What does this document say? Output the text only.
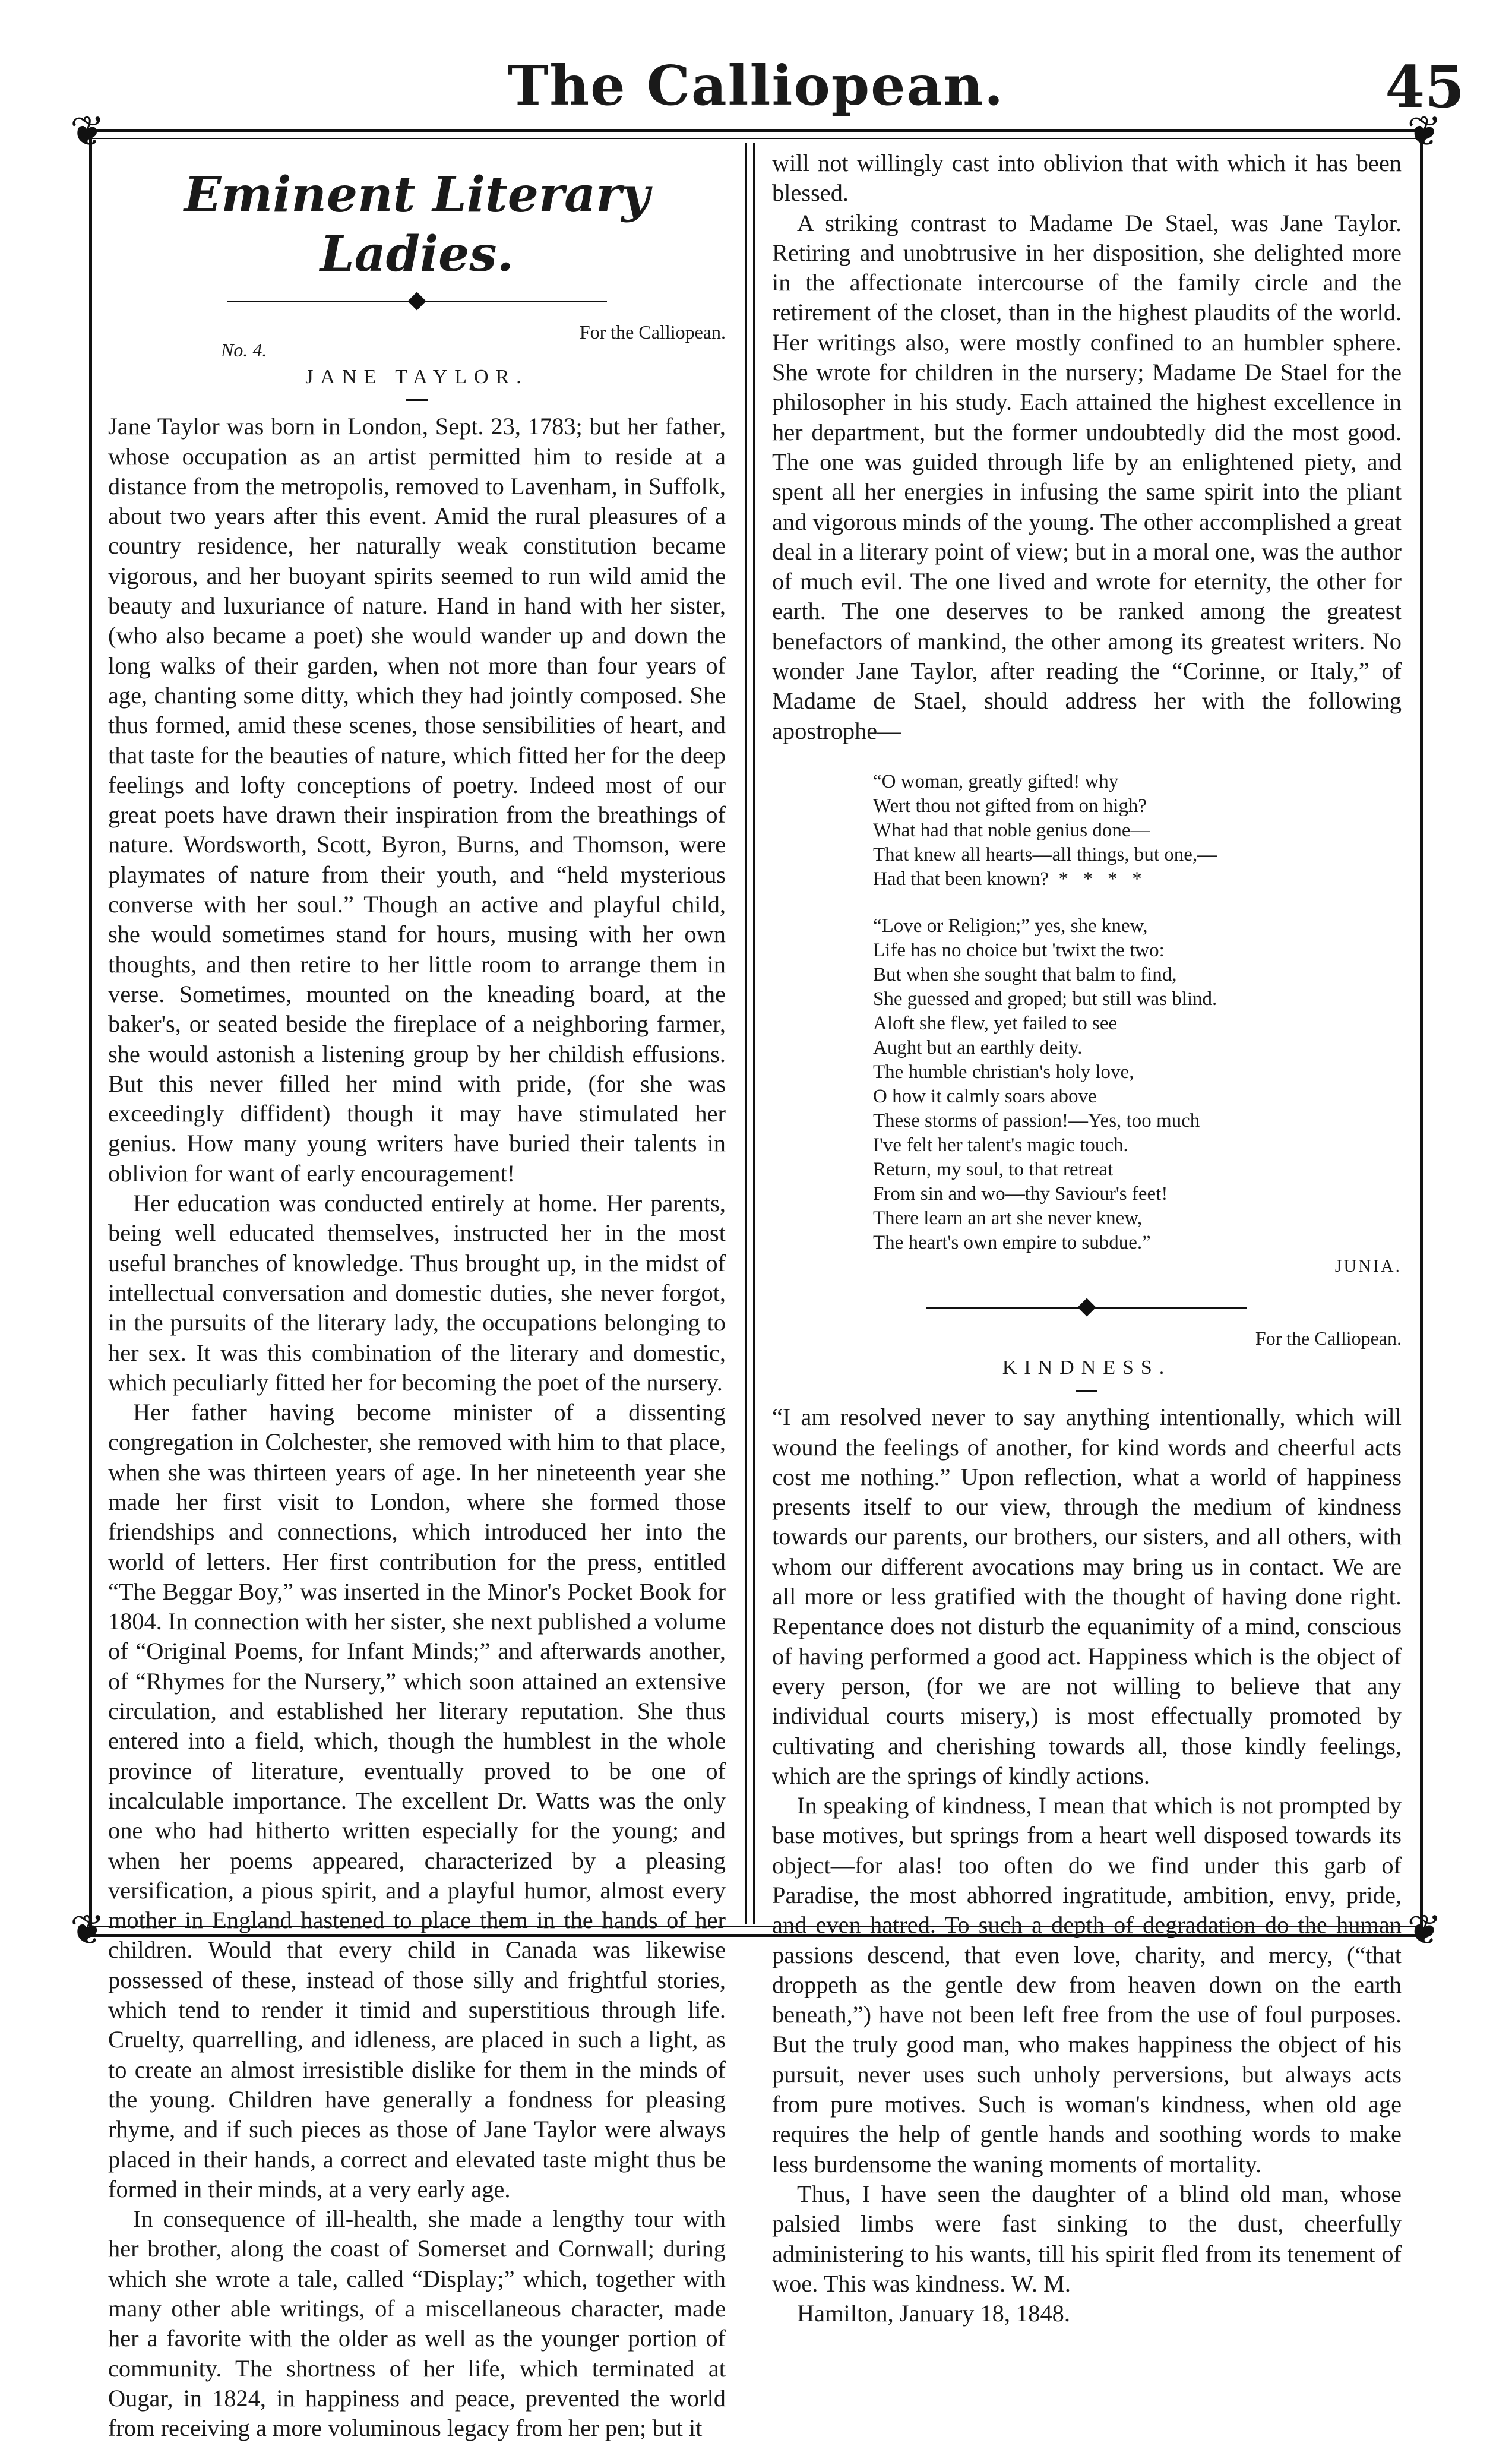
The Calliopean.	45
❦	❦
❦	❦
Eminent Literary Ladies.
No. 4.
For the Calliopean.
JANE TAYLOR.

Jane Taylor was born in London, Sept. 23, 1783; but her father, whose occupation as an artist permitted him to reside at a distance from the metropolis, removed to Lavenham, in Suffolk, about two years after this event. Amid the rural pleasures of a country residence, her naturally weak constitution became vigorous, and her buoyant spirits seemed to run wild amid the beauty and luxuriance of nature. Hand in hand with her sister, (who also became a poet) she would wander up and down the long walks of their garden, when not more than four years of age, chanting some ditty, which they had jointly composed. She thus formed, amid these scenes, those sensibilities of heart, and that taste for the beauties of nature, which fitted her for the deep feelings and lofty conceptions of poetry. Indeed most of our great poets have drawn their inspiration from the breathings of nature. Wordsworth, Scott, Byron, Burns, and Thomson, were playmates of nature from their youth, and “held mysterious converse with her soul.” Though an active and playful child, she would sometimes stand for hours, musing with her own thoughts, and then retire to her little room to arrange them in verse. Sometimes, mounted on the kneading board, at the baker's, or seated beside the fireplace of a neighboring farmer, she would astonish a listening group by her childish effusions. But this never filled her mind with pride, (for she was exceedingly diffident) though it may have stimulated her genius. How many young writers have buried their talents in oblivion for want of early encouragement!

Her education was conducted entirely at home. Her parents, being well educated themselves, instructed her in the most useful branches of knowledge. Thus brought up, in the midst of intellectual conversation and domestic duties, she never forgot, in the pursuits of the literary lady, the occupations belonging to her sex. It was this combination of the literary and domestic, which peculiarly fitted her for becoming the poet of the nursery.

Her father having become minister of a dissenting congregation in Colchester, she removed with him to that place, when she was thirteen years of age. In her nineteenth year she made her first visit to London, where she formed those friendships and connections, which introduced her into the world of letters. Her first contribution for the press, entitled “The Beggar Boy,” was inserted in the Minor's Pocket Book for 1804. In connection with her sister, she next published a volume of “Original Poems, for Infant Minds;” and afterwards another, of “Rhymes for the Nursery,” which soon attained an extensive circulation, and established her literary reputation. She thus entered into a field, which, though the humblest in the whole province of literature, eventually proved to be one of incalculable importance. The excellent Dr. Watts was the only one who had hitherto written especially for the young; and when her poems appeared, characterized by a pleasing versification, a pious spirit, and a playful humor, almost every mother in England hastened to place them in the hands of her children. Would that every child in Canada was likewise possessed of these, instead of those silly and frightful stories, which tend to render it timid and superstitious through life. Cruelty, quarrelling, and idleness, are placed in such a light, as to create an almost irresistible dislike for them in the minds of the young. Children have generally a fondness for pleasing rhyme, and if such pieces as those of Jane Taylor were always placed in their hands, a correct and elevated taste might thus be formed in their minds, at a very early age.

In consequence of ill-health, she made a lengthy tour with her brother, along the coast of Somerset and Cornwall; during which she wrote a tale, called “Display;” which, together with many other able writings, of a miscellaneous character, made her a favorite with the older as well as the younger portion of community. The shortness of her life, which terminated at Ougar, in 1824, in happiness and peace, prevented the world from receiving a more voluminous legacy from her pen; but it

will not willingly cast into oblivion that with which it has been blessed.

A striking contrast to Madame De Stael, was Jane Taylor. Retiring and unobtrusive in her disposition, she delighted more in the affectionate intercourse of the family circle and the retirement of the closet, than in the highest plaudits of the world. Her writings also, were mostly confined to an humbler sphere. She wrote for children in the nursery; Madame De Stael for the philosopher in his study. Each attained the highest excellence in her department, but the former undoubtedly did the most good. The one was guided through life by an enlightened piety, and spent all her energies in infusing the same spirit into the pliant and vigorous minds of the young. The other accomplished a great deal in a literary point of view; but in a moral one, was the author of much evil. The one lived and wrote for eternity, the other for earth. The one deserves to be ranked among the greatest benefactors of mankind, the other among its greatest writers. No wonder Jane Taylor, after reading the “Corinne, or Italy,” of Madame de Stael, should address her with the following apostrophe—

“O woman, greatly gifted! why
Wert thou not gifted from on high?
What had that noble genius done—
That knew all hearts—all things, but one,—
Had that been known?  *   *   *   *
“Love or Religion;” yes, she knew,
Life has no choice but 'twixt the two:
But when she sought that balm to find,
She guessed and groped; but still was blind.
Aloft she flew, yet failed to see
Aught but an earthly deity.
The humble christian's holy love,
O how it calmly soars above
These storms of passion!—Yes, too much
I've felt her talent's magic touch.
Return, my soul, to that retreat
From sin and wo—thy Saviour's feet!
There learn an art she never knew,
The heart's own empire to subdue.”
JUNIA.
For the Calliopean.
KINDNESS.

“I am resolved never to say anything intentionally, which will wound the feelings of another, for kind words and cheerful acts cost me nothing.” Upon reflection, what a world of happiness presents itself to our view, through the medium of kindness towards our parents, our brothers, our sisters, and all others, with whom our different avocations may bring us in contact. We are all more or less gratified with the thought of having done right. Repentance does not disturb the equanimity of a mind, conscious of having performed a good act. Happiness which is the object of every person, (for we are not willing to believe that any individual courts misery,) is most effectually promoted by cultivating and cherishing towards all, those kindly feelings, which are the springs of kindly actions.

In speaking of kindness, I mean that which is not prompted by base motives, but springs from a heart well disposed towards its object—for alas! too often do we find under this garb of Paradise, the most abhorred ingratitude, ambition, envy, pride, and even hatred. To such a depth of degradation do the human passions descend, that even love, charity, and mercy, (“that droppeth as the gentle dew from heaven down on the earth beneath,”) have not been left free from the use of foul purposes. But the truly good man, who makes happiness the object of his pursuit, never uses such unholy perversions, but always acts from pure motives. Such is woman's kindness, when old age requires the help of gentle hands and soothing words to make less burdensome the waning moments of mortality.

Thus, I have seen the daughter of a blind old man, whose palsied limbs were fast sinking to the dust, cheerfully administering to his wants, till his spirit fled from its tenement of woe. This was kindness. W. M.

Hamilton, January 18, 1848.
